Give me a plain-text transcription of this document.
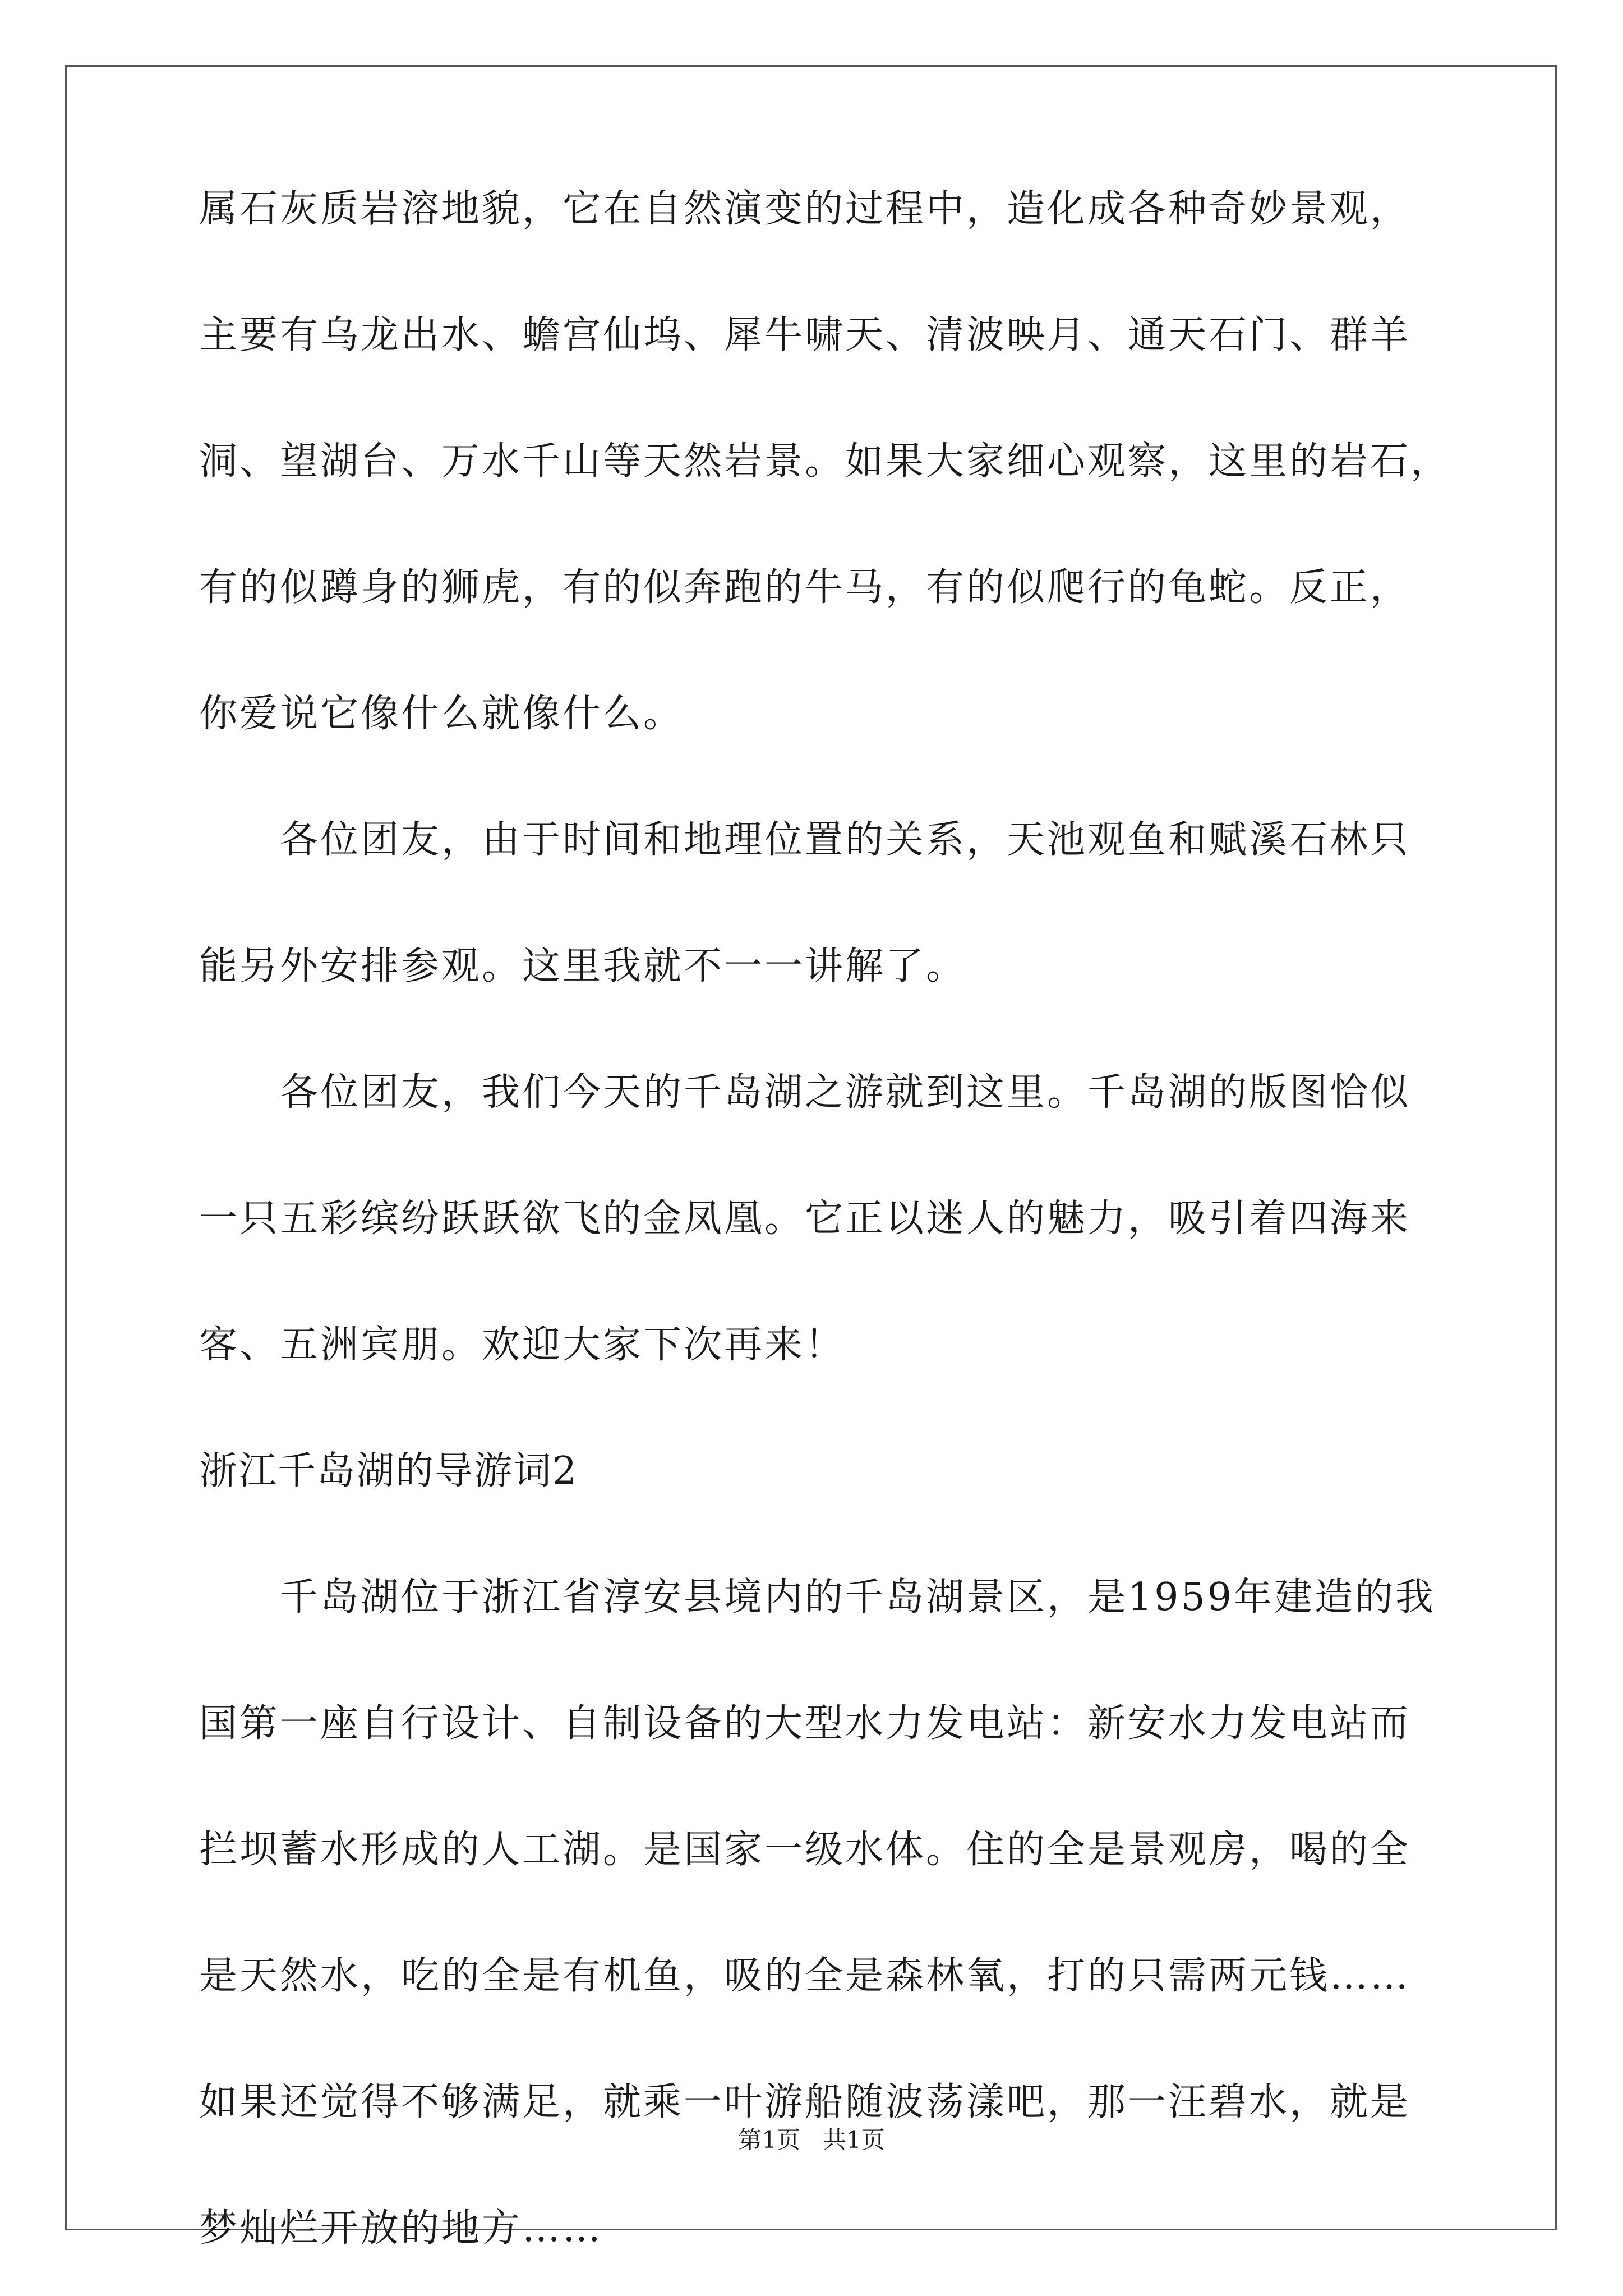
属石灰质岩溶地貌，它在自然演变的过程中，造化成各种奇妙景观，
主要有乌龙出水、蟾宫仙坞、犀牛啸天、清波映月、通天石门、群羊
洞、望湖台、万水千山等天然岩景。如果大家细心观察，这里的岩石，
有的似蹲身的狮虎，有的似奔跑的牛马，有的似爬行的龟蛇。反正，
你爱说它像什么就像什么。
各位团友，由于时间和地理位置的关系，天池观鱼和赋溪石林只
能另外安排参观。这里我就不一一讲解了。
各位团友，我们今天的千岛湖之游就到这里。千岛湖的版图恰似
一只五彩缤纷跃跃欲飞的金凤凰。它正以迷人的魅力，吸引着四海来
客、五洲宾朋。欢迎大家下次再来！
浙江千岛湖的导游词2
千岛湖位于浙江省淳安县境内的千岛湖景区，是1959年建造的我
国第一座自行设计、自制设备的大型水力发电站：新安水力发电站而
拦坝蓄水形成的人工湖。是国家一级水体。住的全是景观房，喝的全
是天然水，吃的全是有机鱼，吸的全是森林氧，打的只需两元钱……
如果还觉得不够满足，就乘一叶游船随波荡漾吧，那一汪碧水，就是
梦灿烂开放的地方……
第1页   共1页
